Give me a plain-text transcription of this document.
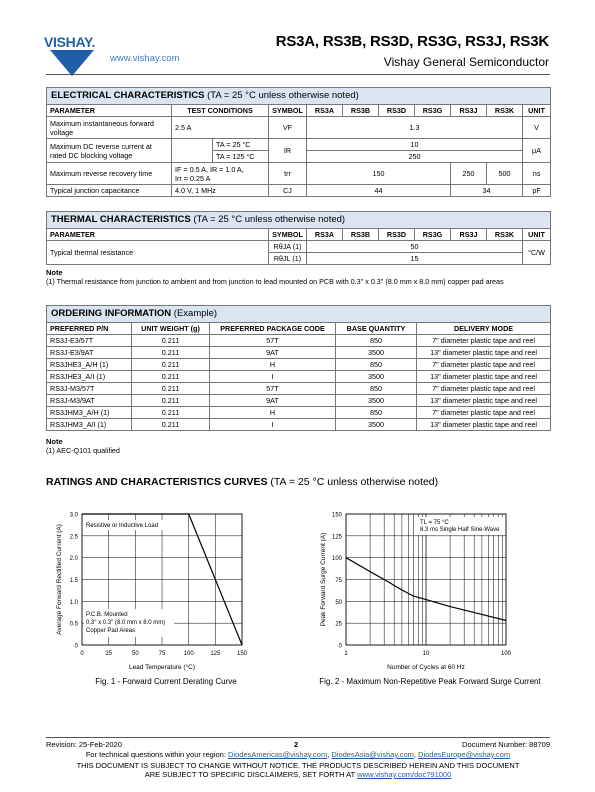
VISHAY.
www.vishay.com
RS3A, RS3B, RS3D, RS3G, RS3J, RS3K
Vishay General Semiconductor
ELECTRICAL CHARACTERISTICS (TA = 25 °C unless otherwise noted)										
PARAMETER	TEST CONDITIONS		SYMBOL	RS3A	RS3B	RS3D	RS3G	RS3J	RS3K	UNIT
Maximum instantaneous forward voltage	2.5 A		VF	1.3						V
Maximum DC reverse current at rated DC blocking voltage		TA = 25 °C	IR	10						μA
		TA = 125 °C		250						
Maximum reverse recovery time	IF = 0.5 A, IR = 1.0 A,
Irr = 0.25 A		trr	150				250	500	ns
Typical junction capacitance	4.0 V, 1 MHz		CJ	44				34		pF
THERMAL CHARACTERISTICS (TA = 25 °C unless otherwise noted)								
PARAMETER	SYMBOL	RS3A	RS3B	RS3D	RS3G	RS3J	RS3K	UNIT
Typical thermal resistance	RθJA (1)	50						°C/W
	RθJL (1)	15						
Note
(1) Thermal resistance from junction to ambient and from junction to lead mounted on PCB with 0.3" x 0.3" (8.0 mm x 8.0 mm) copper pad areas
ORDERING INFORMATION (Example)				
PREFERRED P/N	UNIT WEIGHT (g)	PREFERRED PACKAGE CODE	BASE QUANTITY	DELIVERY MODE
RS3J-E3/57T	0.211	57T	850	7" diameter plastic tape and reel
RS3J-E3/9AT	0.211	9AT	3500	13" diameter plastic tape and reel
RS3JHE3_A/H (1)	0.211	H	850	7" diameter plastic tape and reel
RS3JHE3_A/I (1)	0.211	I	3500	13" diameter plastic tape and reel
RS3J-M3/57T	0.211	57T	850	7" diameter plastic tape and reel
RS3J-M3/9AT	0.211	9AT	3500	13" diameter plastic tape and reel
RS3JHM3_A/H (1)	0.211	H	850	7" diameter plastic tape and reel
RS3JHM3_A/I (1)	0.211	I	3500	13" diameter plastic tape and reel
Note
(1) AEC-Q101 qualified
RATINGS AND CHARACTERISTICS CURVES (TA = 25 °C unless otherwise noted)
0
0.5
1.0
1.5
2.0
2.5
3.0
0	25	50	75	100	125	150
Lead Temperature (°C)
Average Forward Rectified Current (A)	Resistive or Inductive Load
P.C.B. Mounted
0.3" x 0.3" (8.0 mm x 8.0 mm)
Copper Pad Areas
Fig. 1 - Forward Current Derating Curve
0
25
50
75
100
125
150
1	10	100
Number of Cycles at 60 Hz
Peak Forward Surge Current (A)
TL = 75 °C
8.3 ms Single Half Sine-Wave
Fig. 2 - Maximum Non-Repetitive Peak Forward Surge Current
Revision: 25-Feb-2020	2	Document Number: 88709
For technical questions within your region: DiodesAmericas@vishay.com, DiodesAsia@vishay.com, DiodesEurope@vishay.com
THIS DOCUMENT IS SUBJECT TO CHANGE WITHOUT NOTICE. THE PRODUCTS DESCRIBED HEREIN AND THIS DOCUMENT
ARE SUBJECT TO SPECIFIC DISCLAIMERS, SET FORTH AT www.vishay.com/doc?91000
